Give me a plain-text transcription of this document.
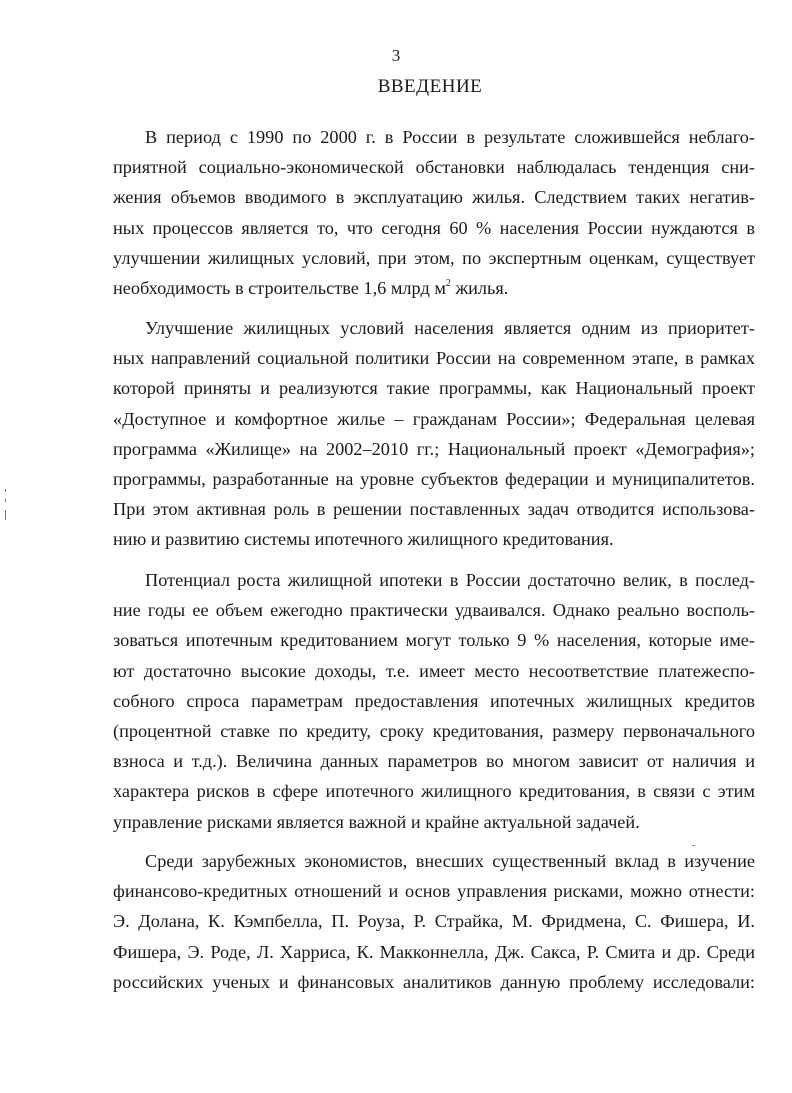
3
ВВЕДЕНИЕ
В период с 1990 по 2000 г. в России в результате сложившейся неблаго-
приятной социально-экономической обстановки наблюдалась тенденция сни-
жения объемов вводимого в эксплуатацию жилья. Следствием таких негатив-
ных процессов является то, что сегодня 60 % населения России нуждаются в
улучшении жилищных условий, при этом, по экспертным оценкам, существует
необходимость в строительстве 1,6 млрд $м^2$ жилья.
Улучшение жилищных условий населения является одним из приоритет-
ных направлений социальной политики России на современном этапе, в рамках
которой приняты и реализуются такие программы, как Национальный проект
«Доступное и комфортное жилье – гражданам России»; Федеральная целевая
программа «Жилище» на 2002–2010 гг.; Национальный проект «Демография»;
программы, разработанные на уровне субъектов федерации и муниципалитетов.
При этом активная роль в решении поставленных задач отводится использова-
нию и развитию системы ипотечного жилищного кредитования.
Потенциал роста жилищной ипотеки в России достаточно велик, в послед-
ние годы ее объем ежегодно практически удваивался. Однако реально восполь-
зоваться ипотечным кредитованием могут только 9 % населения, которые име-
ют достаточно высокие доходы, т.е. имеет место несоответствие платежеспо-
собного спроса параметрам предоставления ипотечных жилищных кредитов
(процентной ставке по кредиту, сроку кредитования, размеру первоначального
взноса и т.д.). Величина данных параметров во многом зависит от наличия и
характера рисков в сфере ипотечного жилищного кредитования, в связи с этим
управление рисками является важной и крайне актуальной задачей.
Среди зарубежных экономистов, внесших существенный вклад в изучение
финансово-кредитных отношений и основ управления рисками, можно отнести:
Э. Долана, К. Кэмпбелла, П. Роуза, Р. Страйка, М. Фридмена, С. Фишера, И.
Фишера, Э. Роде, Л. Харриса, К. Макконнелла, Дж. Сакса, Р. Смита и др. Среди
российских ученых и финансовых аналитиков данную проблему исследовали:
